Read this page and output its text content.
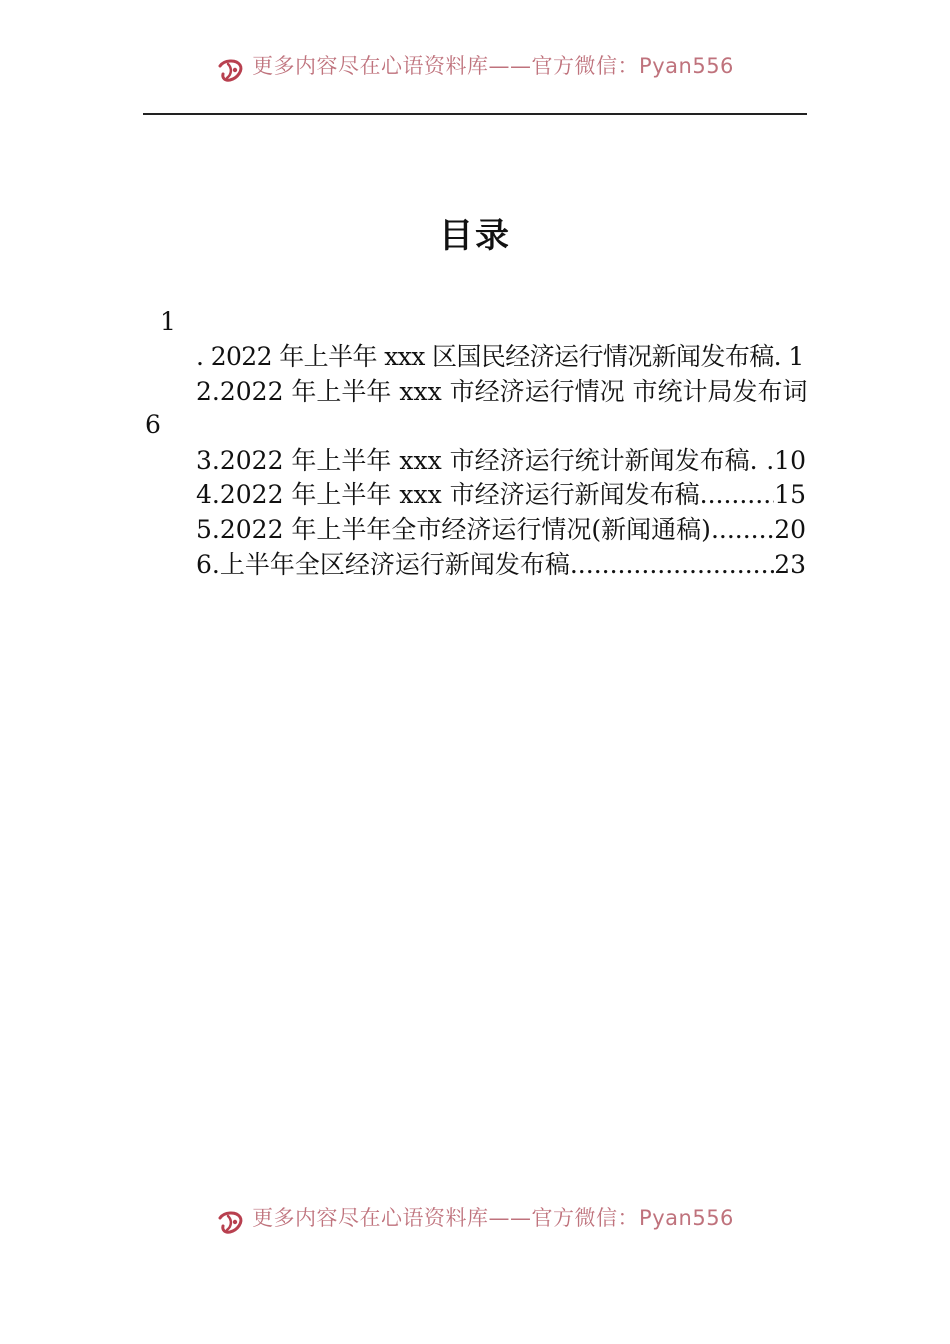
更多内容尽在心语资料库——官方微信：Pyan556
目录
1
. 2022 年上半年 xxx 区国民经济运行情况新闻发布稿. 1
2.2022 年上半年 xxx 市经济运行情况 市统计局发布词
6
3.2022 年上半年 xxx 市经济运行统计新闻发布稿. .10
4.2022 年上半年 xxx 市经济运行新闻发布稿 .....	15
5.2022 年上半年全市经济运行情况(新闻通稿) .....	20
6.上半年全区经济运行新闻发布稿 .....	23
更多内容尽在心语资料库——官方微信：Pyan556
